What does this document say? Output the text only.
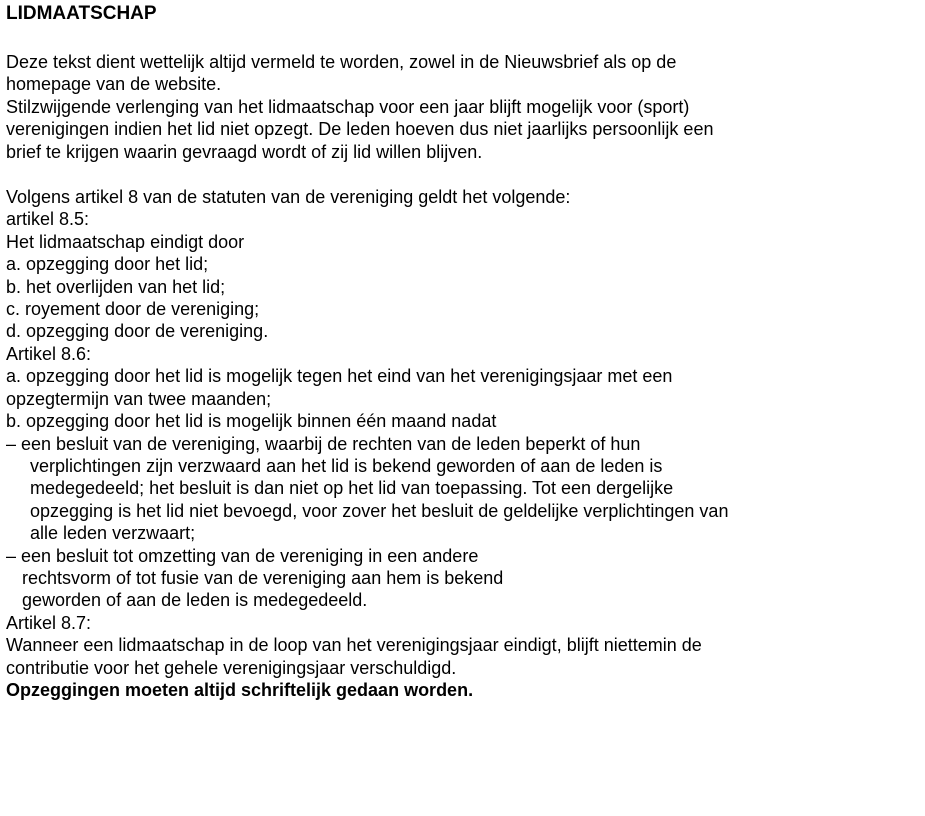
LIDMAATSCHAP
Deze tekst dient wettelijk altijd vermeld te worden, zowel in de Nieuwsbrief als op de
homepage van de website.
Stilzwijgende verlenging van het lidmaatschap voor een jaar blijft mogelijk voor (sport)
verenigingen indien het lid niet opzegt. De leden hoeven dus niet jaarlijks persoonlijk een
brief te krijgen waarin gevraagd wordt of zij lid willen blijven.
Volgens artikel 8 van de statuten van de vereniging geldt het volgende:
artikel 8.5:
Het lidmaatschap eindigt door
a. opzegging door het lid;
b. het overlijden van het lid;
c. royement door de vereniging;
d. opzegging door de vereniging.
Artikel 8.6:
a. opzegging door het lid is mogelijk tegen het eind van het verenigingsjaar met een
opzegtermijn van twee maanden;
b. opzegging door het lid is mogelijk binnen één maand nadat
– een besluit van de vereniging, waarbij de rechten van de leden beperkt of hun
verplichtingen zijn verzwaard aan het lid is bekend geworden of aan de leden is
medegedeeld; het besluit is dan niet op het lid van toepassing. Tot een dergelijke
opzegging is het lid niet bevoegd, voor zover het besluit de geldelijke verplichtingen van
alle leden verzwaart;
– een besluit tot omzetting van de vereniging in een andere
rechtsvorm of tot fusie van de vereniging aan hem is bekend
geworden of aan de leden is medegedeeld.
Artikel 8.7:
Wanneer een lidmaatschap in de loop van het verenigingsjaar eindigt, blijft niettemin de
contributie voor het gehele verenigingsjaar verschuldigd.
Opzeggingen moeten altijd schriftelijk gedaan worden.
